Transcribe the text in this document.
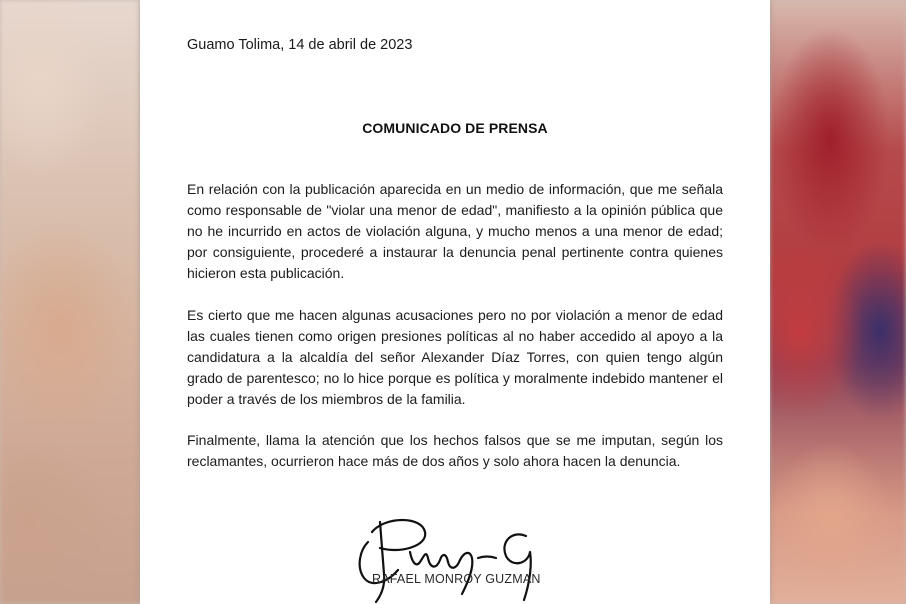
Guamo Tolima, 14 de abril de 2023
COMUNICADO DE PRENSA

En relación con la publicación aparecida en un medio de información, que me señala como responsable de "violar una menor de edad", manifiesto a la opinión pública que no he incurrido en actos de violación alguna, y mucho menos a una menor de edad; por consiguiente, procederé a instaurar la denuncia penal pertinente contra quienes hicieron esta publicación.

Es cierto que me hacen algunas acusaciones pero no por violación a menor de edad las cuales tienen como origen presiones políticas al no haber accedido al apoyo a la candidatura a la alcaldía del señor Alexander Díaz Torres, con quien tengo algún grado de parentesco; no lo hice porque es política y moralmente indebido mantener el poder a través de los miembros de la familia.

Finalmente, llama la atención que los hechos falsos que se me imputan, según los reclamantes, ocurrieron hace más de dos años y solo ahora hacen la denuncia.

RAFAEL MONROY GUZMAN
